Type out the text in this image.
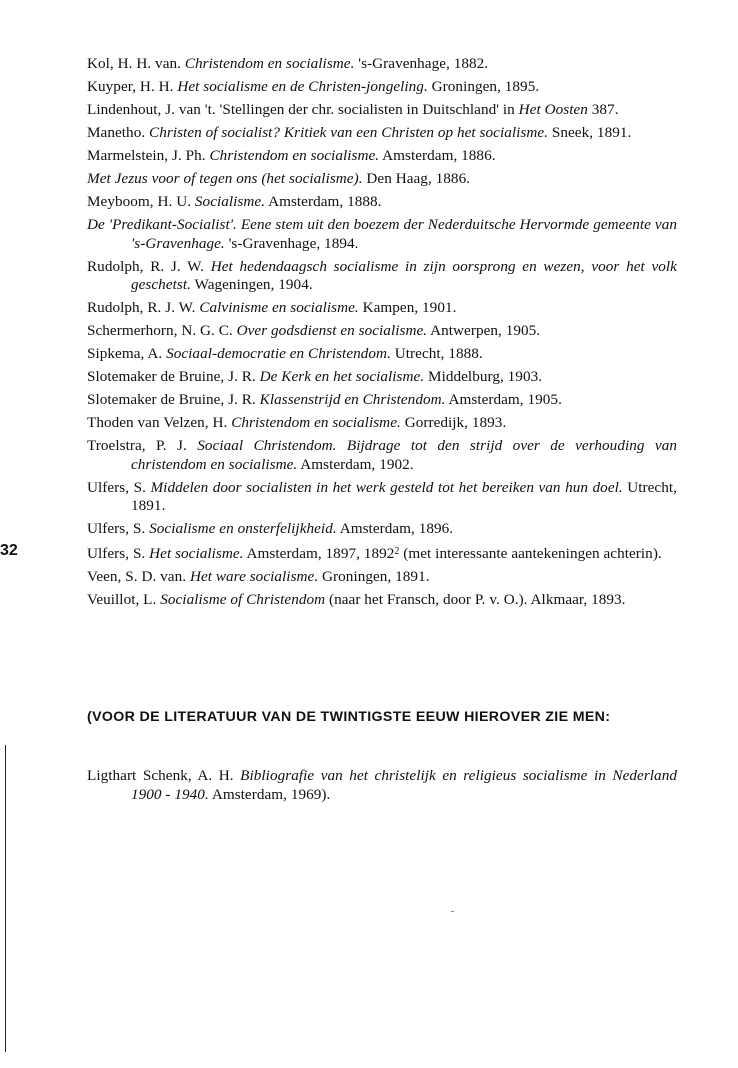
32
Kol, H. H. van. Christendom en socialisme. 's-Gravenhage, 1882.
Kuyper, H. H. Het socialisme en de Christen-jongeling. Groningen, 1895.
Lindenhout, J. van 't. 'Stellingen der chr. socialisten in Duitschland' in Het Oosten 387.
Manetho. Christen of socialist? Kritiek van een Christen op het socialisme. Sneek, 1891.
Marmelstein, J. Ph. Christendom en socialisme. Amsterdam, 1886.
Met Jezus voor of tegen ons (het socialisme). Den Haag, 1886.
Meyboom, H. U. Socialisme. Amsterdam, 1888.
De 'Predikant-Socialist'. Eene stem uit den boezem der Nederduitsche Hervormde gemeente van 's-Gravenhage. 's-Gravenhage, 1894.
Rudolph, R. J. W. Het hedendaagsch socialisme in zijn oorsprong en wezen, voor het volk geschetst. Wageningen, 1904.
Rudolph, R. J. W. Calvinisme en socialisme. Kampen, 1901.
Schermerhorn, N. G. C. Over godsdienst en socialisme. Antwerpen, 1905.
Sipkema, A. Sociaal-democratie en Christendom. Utrecht, 1888.
Slotemaker de Bruine, J. R. De Kerk en het socialisme. Middelburg, 1903.
Slotemaker de Bruine, J. R. Klassenstrijd en Christendom. Amsterdam, 1905.
Thoden van Velzen, H. Christendom en socialisme. Gorredijk, 1893.
Troelstra, P. J. Sociaal Christendom. Bijdrage tot den strijd over de verhouding van christendom en socialisme. Amsterdam, 1902.
Ulfers, S. Middelen door socialisten in het werk gesteld tot het bereiken van hun doel. Utrecht, 1891.
Ulfers, S. Socialisme en onsterfelijkheid. Amsterdam, 1896.
Ulfers, S. Het socialisme. Amsterdam, 1897, 1892$^2$ (met interessante aantekeningen achterin).
Veen, S. D. van. Het ware socialisme. Groningen, 1891.
Veuillot, L. Socialisme of Christendom (naar het Fransch, door P. v. O.). Alkmaar, 1893.
(VOOR DE LITERATUUR VAN DE TWINTIGSTE EEUW HIEROVER ZIE MEN:
Ligthart Schenk, A. H. Bibliografie van het christelijk en religieus socialisme in Nederland 1900 - 1940. Amsterdam, 1969).
